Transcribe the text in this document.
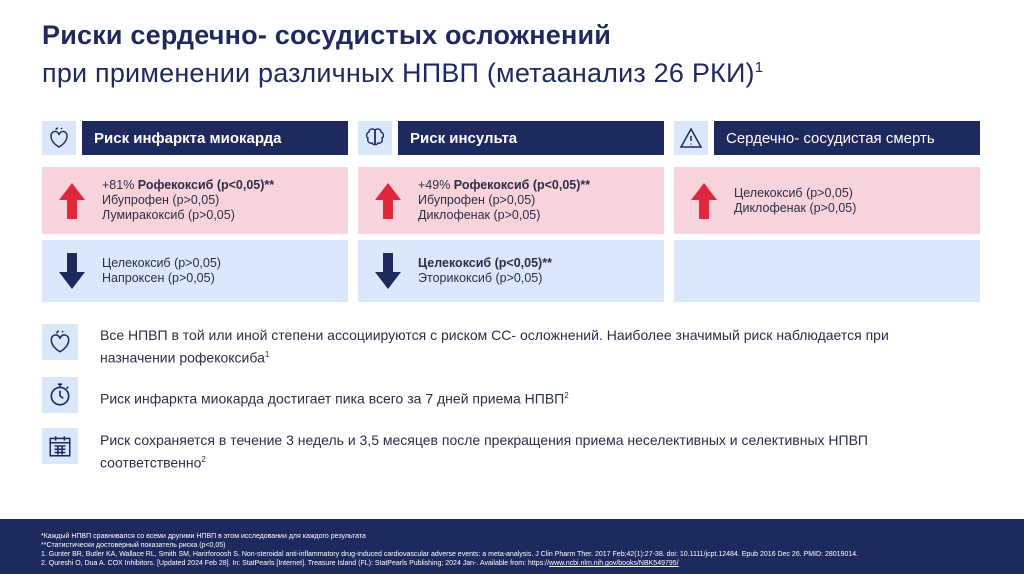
Риски сердечно- сосудистых осложнений
при применении различных НПВП (метаанализ 26 РКИ)$^1$
Риск инфаркта миокарда	Риск инсульта	Сердечно- сосудистая смерть
+81% Рофекоксиб (p<0,05)**
Ибупрофен (p>0,05)
Лумиракоксиб (p>0,05)
+49% Рофекоксиб (p<0,05)**
Ибупрофен (p>0,05)
Диклофенак (p>0,05)
Целекоксиб (p>0,05)
Диклофенак (p>0,05)
Целекоксиб (p>0,05)
Напроксен (p>0,05)
Целекоксиб (p<0,05)**
Эторикоксиб (p>0,05)
Все НПВП в той или иной степени ассоциируются с риском СС- осложнений. Наиболее значимый риск наблюдается при назначении рофекоксиба$^1$
Риск инфаркта миокарда достигает пика всего за 7 дней приема НПВП$^2$
Риск сохраняется в течение 3 недель и 3,5 месяцев после прекращения приема неселективных и селективных НПВП соответственно$^2$
*Каждый НПВП сравнивался со всеми другими НПВП в этом исследовании для каждого результата
**Статистически достоверный показатель риска (p<0,05)
1. Gunter BR, Butler KA, Wallace RL, Smith SM, Harirforoosh S. Non-steroidal anti-inflammatory drug-induced cardiovascular adverse events: a meta-analysis. J Clin Pharm Ther. 2017 Feb;42(1):27-38. doi: 10.1111/jcpt.12484. Epub 2016 Dec 26. PMID: 28019014.
2. Qureshi O, Dua A. COX Inhibitors. [Updated 2024 Feb 28]. In: StatPearls [Internet]. Treasure Island (FL): StatPearls Publishing; 2024 Jan-. Available from: https://www.ncbi.nlm.nih.gov/books/NBK549795/
